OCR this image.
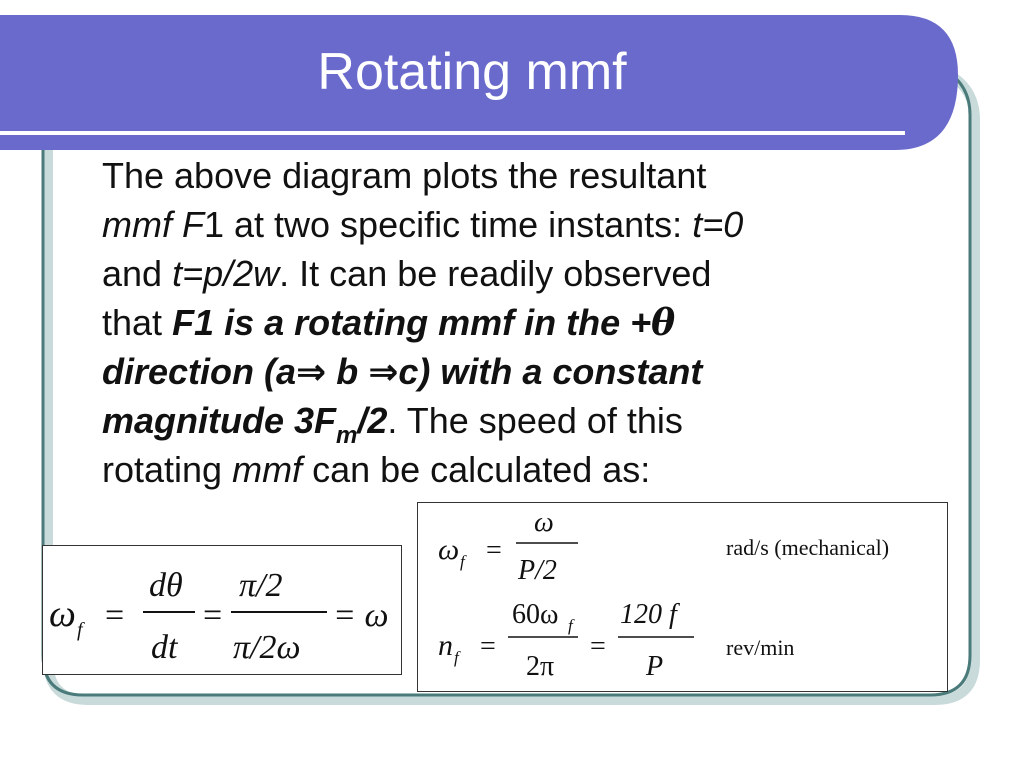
Rotating mmf
The above diagram plots the resultant
mmf F1 at two specific time instants: t=0
and t=p/2w. It can be readily observed
that F1 is a rotating mmf in the +θ
direction (a⇒ b ⇒c) with a constant
magnitude $3F_m/2$. The speed of this
rotating mmf can be calculated as:
ω f =
dθ
dt
=
π/2
π/2ω
= ω
ω f =
ω
P/2
rad/s (mechanical)
n f =
60ω f
2π
=
120 f
P
rev/min
